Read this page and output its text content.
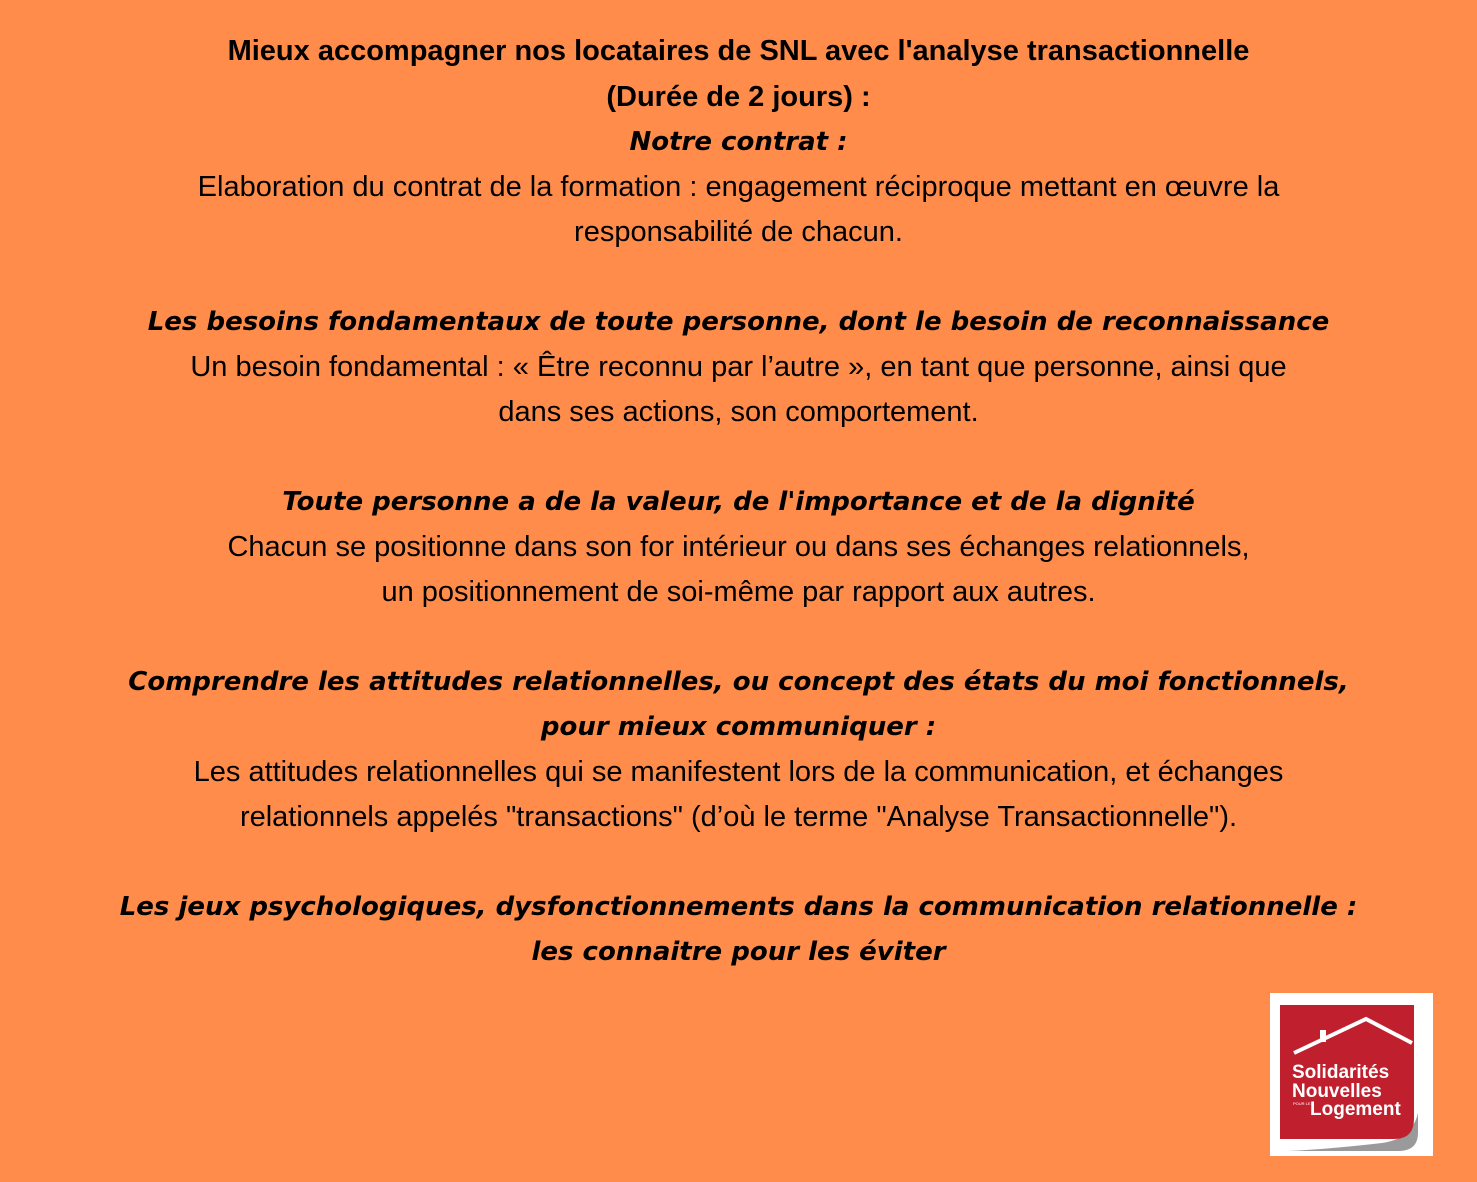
Mieux accompagner nos locataires de SNL avec l'analyse transactionnelle
(Durée de 2 jours) :
Notre contrat :
Elaboration du contrat de la formation : engagement réciproque mettant en œuvre la
responsabilité de chacun.
Les besoins fondamentaux de toute personne, dont le besoin de reconnaissance
Un besoin fondamental : « Être reconnu par l’autre », en tant que personne, ainsi que
dans ses actions, son comportement.
Toute personne a de la valeur, de l'importance et de la dignité
Chacun se positionne dans son for intérieur ou dans ses échanges relationnels,
un positionnement de soi-même par rapport aux autres.
Comprendre les attitudes relationnelles, ou concept des états du moi fonctionnels,
pour mieux communiquer :
Les attitudes relationnelles qui se manifestent lors de la communication, et échanges
relationnels appelés "transactions" (d’où le terme "Analyse Transactionnelle").
Les jeux psychologiques, dysfonctionnements dans la communication relationnelle :
les connaitre pour les éviter
Solidarités
Nouvelles
POUR LE Logement
